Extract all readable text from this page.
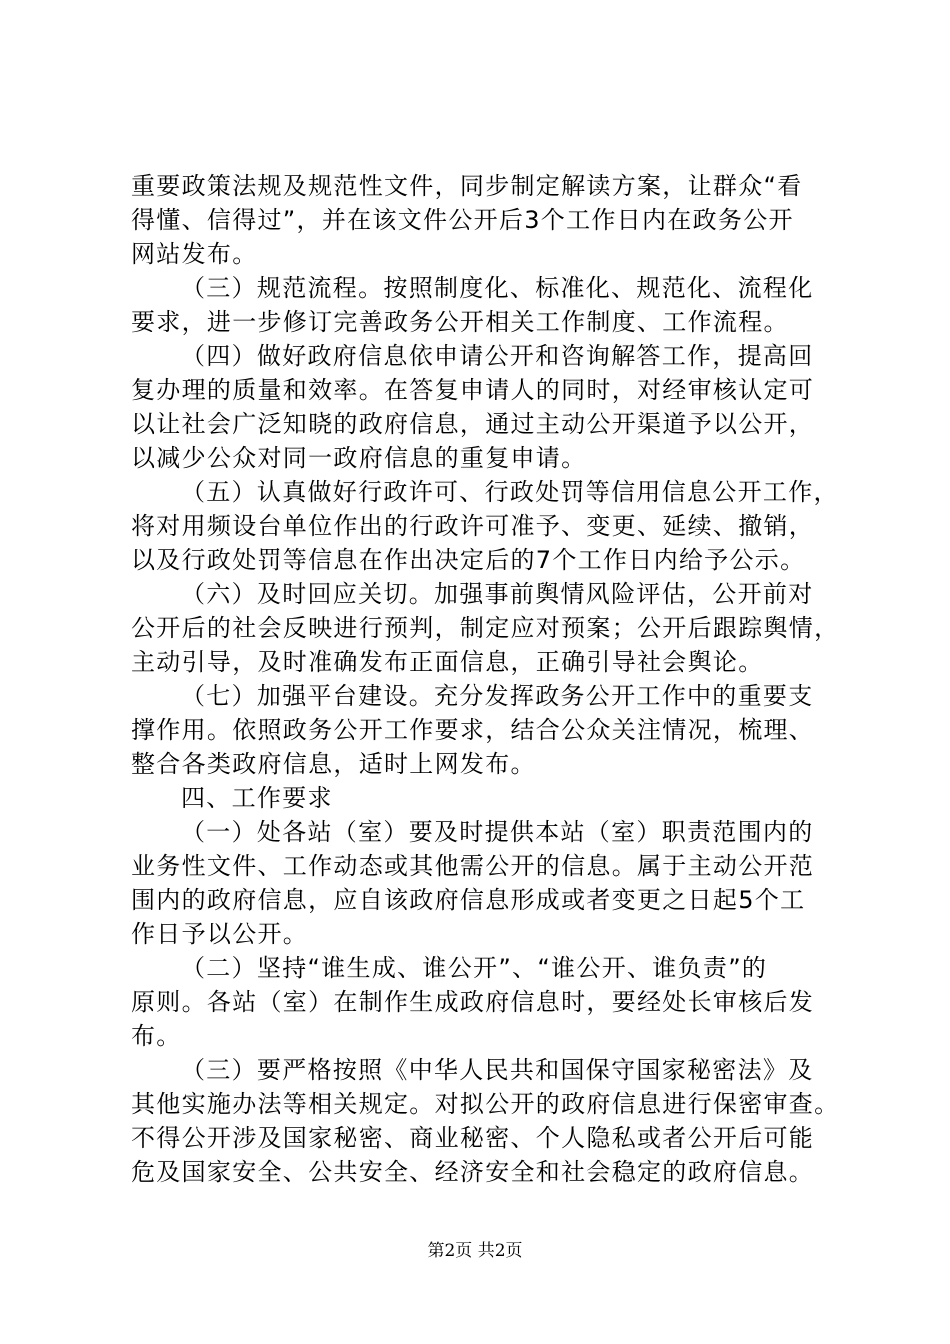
重要政策法规及规范性文件，同步制定解读方案，让群众“看
得懂、信得过”，并在该文件公开后3个工作日内在政务公开
网站发布。
（三）规范流程。按照制度化、标准化、规范化、流程化
要求，进一步修订完善政务公开相关工作制度、工作流程。
（四）做好政府信息依申请公开和咨询解答工作，提高回
复办理的质量和效率。在答复申请人的同时，对经审核认定可
以让社会广泛知晓的政府信息，通过主动公开渠道予以公开，
以减少公众对同一政府信息的重复申请。
（五）认真做好行政许可、行政处罚等信用信息公开工作，
将对用频设台单位作出的行政许可准予、变更、延续、撤销，
以及行政处罚等信息在作出决定后的7个工作日内给予公示。
（六）及时回应关切。加强事前舆情风险评估，公开前对
公开后的社会反映进行预判，制定应对预案；公开后跟踪舆情，
主动引导，及时准确发布正面信息，正确引导社会舆论。
（七）加强平台建设。充分发挥政务公开工作中的重要支
撑作用。依照政务公开工作要求，结合公众关注情况，梳理、
整合各类政府信息，适时上网发布。
四、工作要求
（一）处各站（室）要及时提供本站（室）职责范围内的
业务性文件、工作动态或其他需公开的信息。属于主动公开范
围内的政府信息，应自该政府信息形成或者变更之日起5个工
作日予以公开。
（二）坚持“谁生成、谁公开”、“谁公开、谁负责”的
原则。各站（室）在制作生成政府信息时，要经处长审核后发
布。
（三）要严格按照《中华人民共和国保守国家秘密法》及
其他实施办法等相关规定。对拟公开的政府信息进行保密审查。
不得公开涉及国家秘密、商业秘密、个人隐私或者公开后可能
危及国家安全、公共安全、经济安全和社会稳定的政府信息。
第2页 共2页
